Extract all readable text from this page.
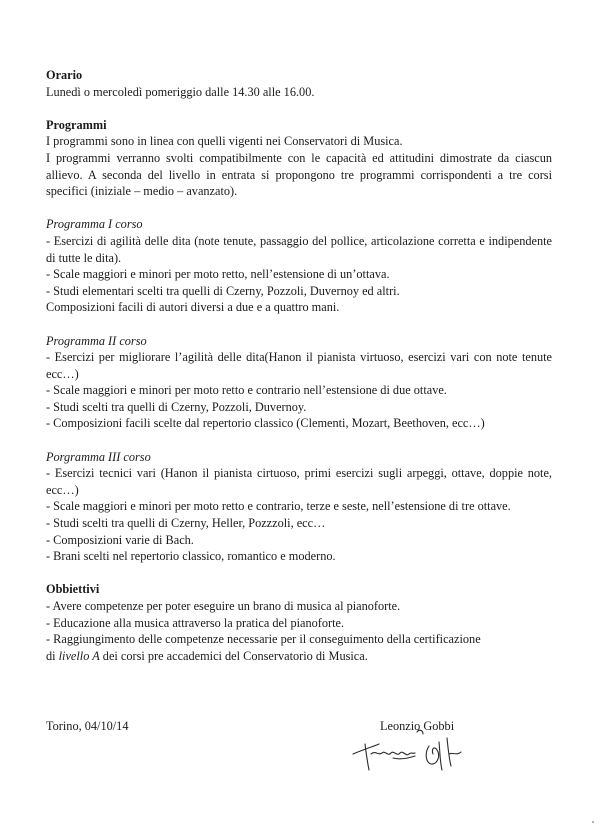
Orario

Lunedì o mercoledì pomeriggio dalle 14.30 alle 16.00.

Programmi

I programmi sono in linea con quelli vigenti nei Conservatori di Musica.

I programmi verranno svolti compatibilmente con le capacità ed attitudini dimostrate da ciascun allievo. A seconda del livello in entrata si propongono tre programmi corrispondenti a tre corsi specifici (iniziale – medio – avanzato).

Programma I corso

- Esercizi di agilità delle dita (note tenute, passaggio del pollice, articolazione corretta e indipendente di tutte le dita).

- Scale maggiori e minori per moto retto, nell’estensione di un’ottava.

- Studi elementari scelti tra quelli di Czerny, Pozzoli, Duvernoy ed altri.

Composizioni facili di autori diversi a due e a quattro mani.

Programma II corso

- Esercizi per migliorare l’agilità delle dita(Hanon il pianista virtuoso, esercizi vari con note tenute ecc…)

- Scale maggiori e minori per moto retto e contrario nell’estensione di due ottave.

- Studi scelti tra quelli di Czerny, Pozzoli, Duvernoy.

- Composizioni facili scelte dal repertorio classico (Clementi, Mozart, Beethoven, ecc…)

Porgramma III corso

- Esercizi tecnici vari (Hanon il pianista cirtuoso, primi esercizi sugli arpeggi, ottave, doppie note, ecc…)

- Scale maggiori e minori per moto retto e contrario, terze e seste, nell’estensione di tre ottave.

- Studi scelti tra quelli di Czerny, Heller, Pozzzoli, ecc…

- Composizioni varie di Bach.

- Brani scelti nel repertorio classico, romantico e moderno.

Obbiettivi

- Avere competenze per poter eseguire un brano di musica al pianoforte.

- Educazione alla musica attraverso la pratica del pianoforte.

- Raggiungimento delle competenze necessarie per il conseguimento della certificazione

di livello A dei corsi pre accademici del Conservatorio di Musica.

Torino, 04/10/14	Leonzio Gobbi
